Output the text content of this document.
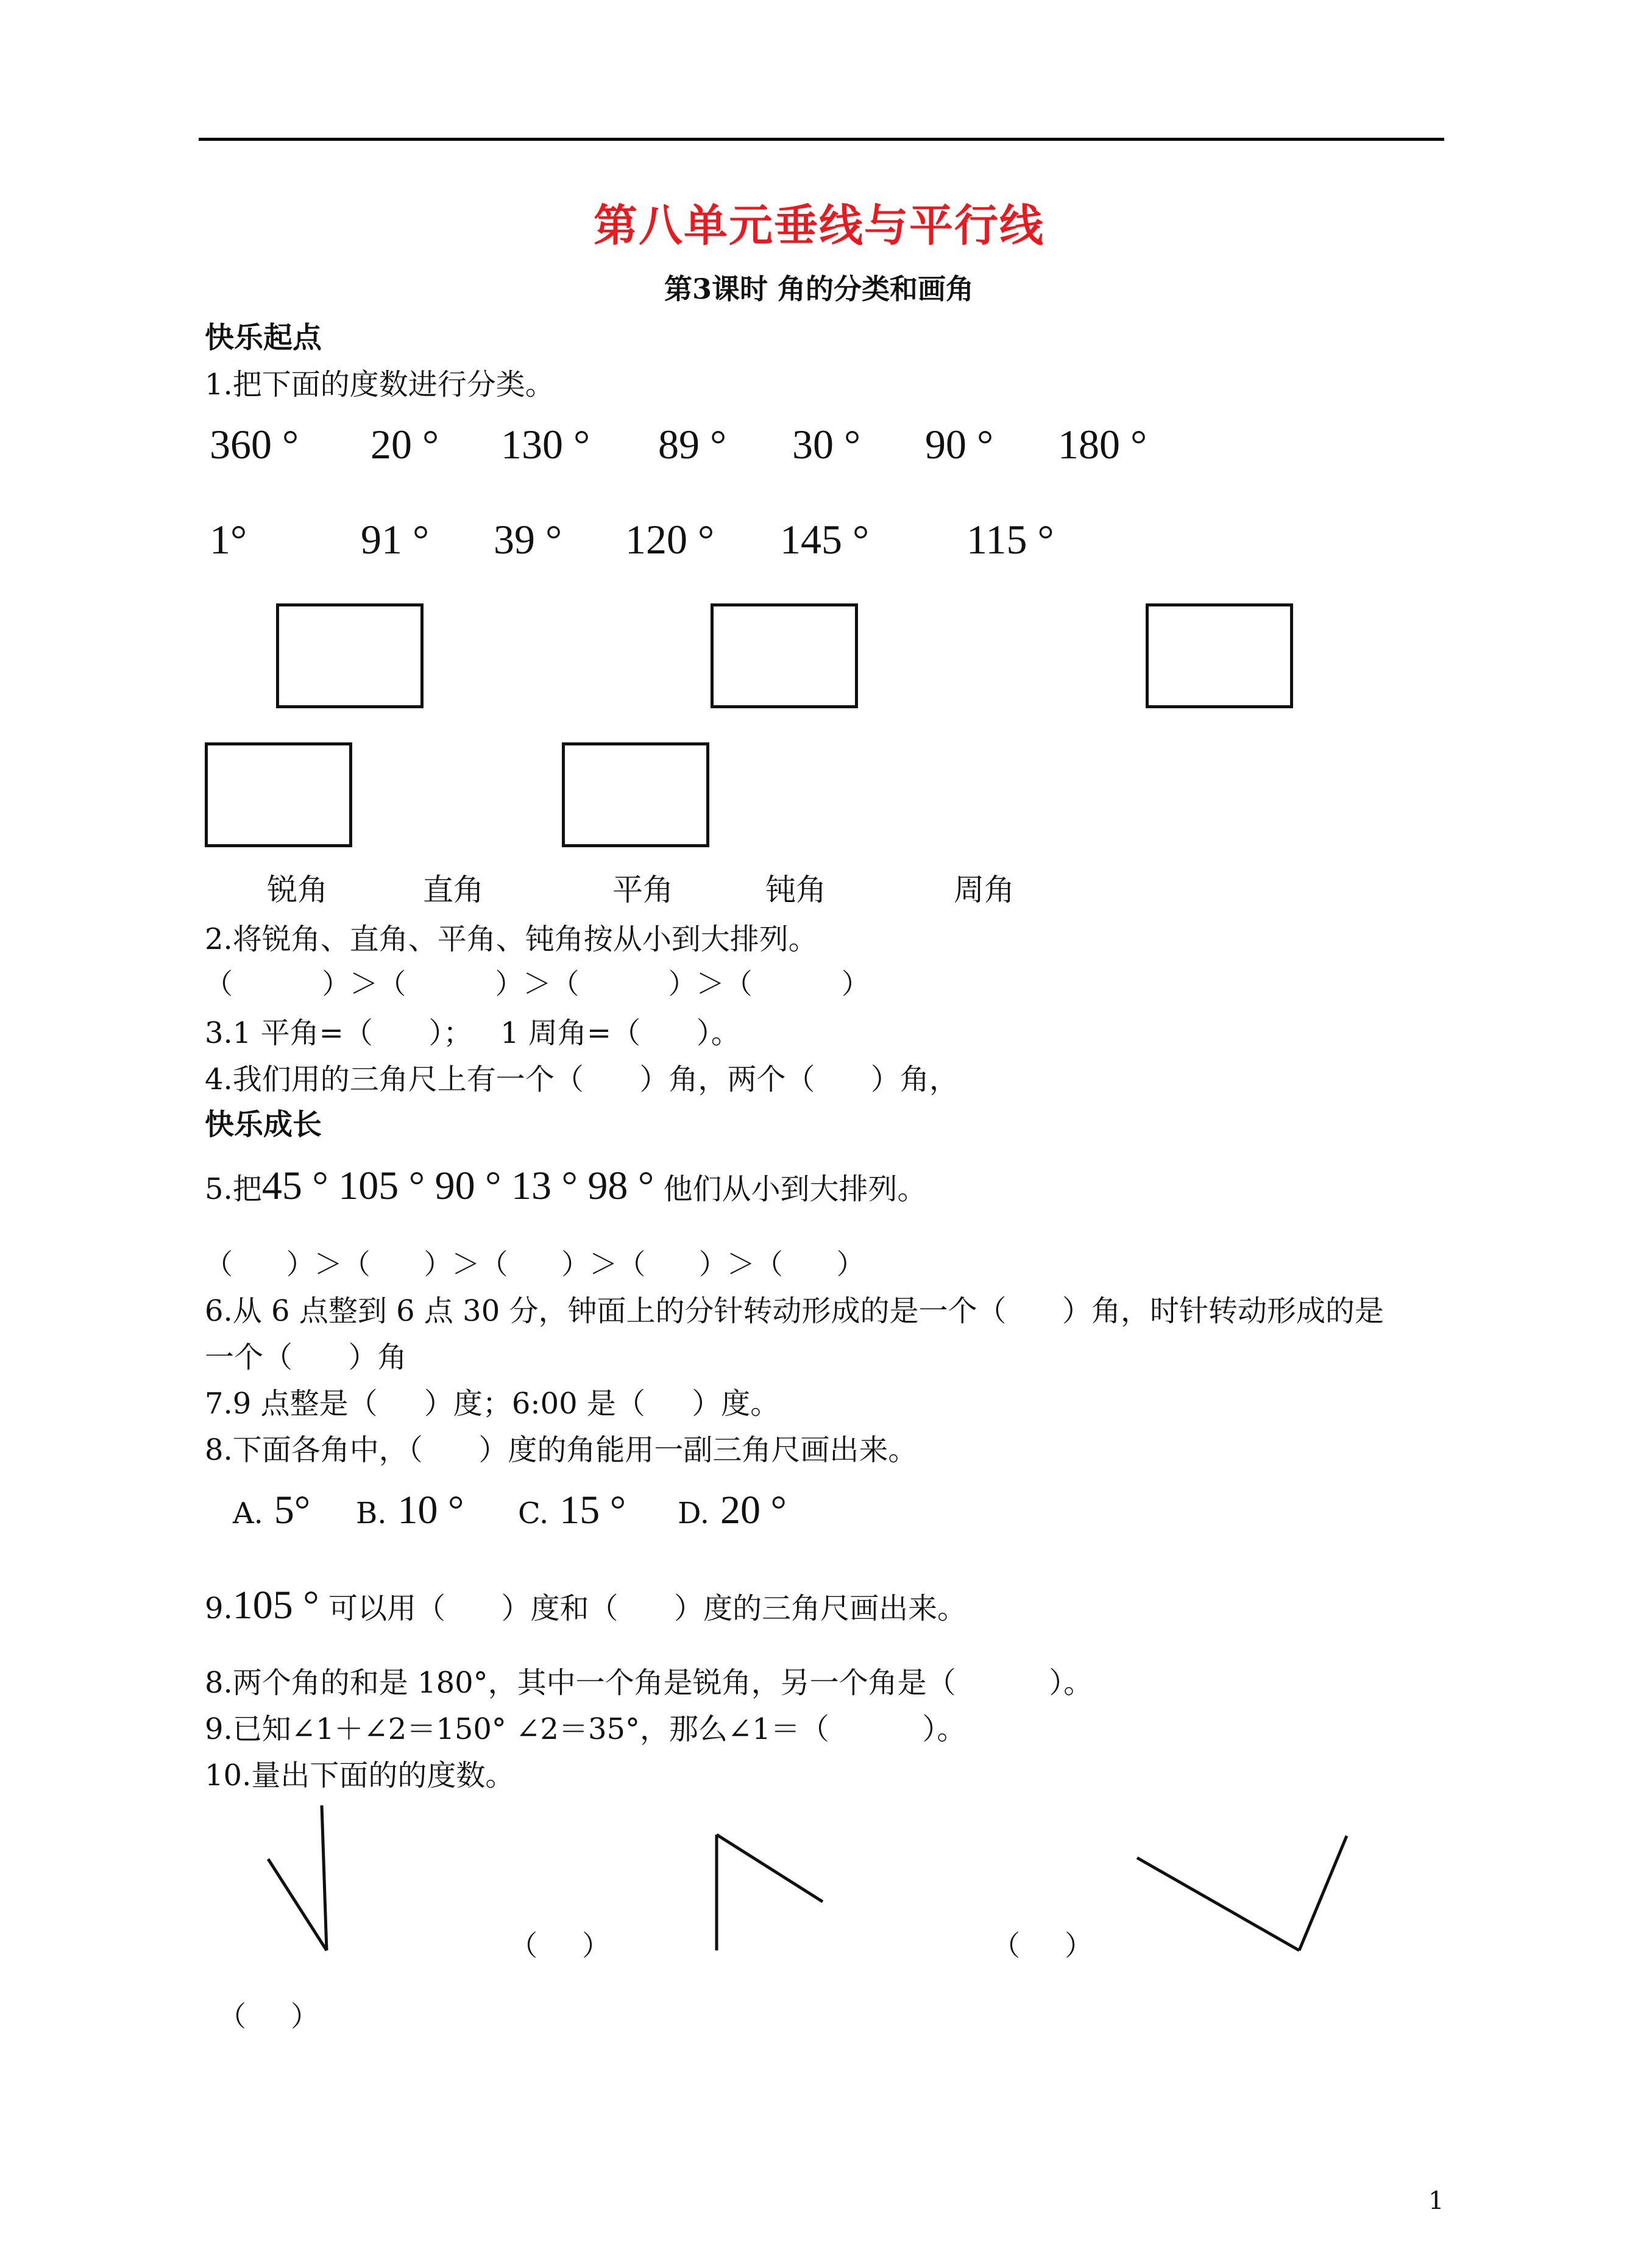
第八单元垂线与平行线
第3课时 角的分类和画角
快乐起点
1.把下面的度数进行分类。
360 ° 20 ° 130 ° 89 ° 30 ° 90 ° 180 °
1°	91 ° 39 ° 120 ° 145 ° 115 °
锐角	直角	平角	钝角	周角
2.将锐角、直角、平角、钝角按从小到大排列。
（          ）＞（          ）＞（          ）＞（          ）
3.1 平角=（      ）；   1 周角=（      ）。
4.我们用的三角尺上有一个（      ）角，两个（      ）角，
快乐成长
5.把45 ° 105 ° 90 ° 13 ° 98 ° 他们从小到大排列。
（      ）＞（      ）＞（      ）＞（      ）＞（      ）
6.从 6 点整到 6 点 30 分，钟面上的分针转动形成的是一个（      ）角，时针转动形成的是
一个（      ）角
7.9 点整是（     ）度；6:00 是（     ）度。
8.下面各角中，（      ）度的角能用一副三角尺画出来。
A. 5° B. 10 ° C. 15 ° D. 20 °
9.105 ° 可以用（      ）度和（      ）度的三角尺画出来。
8.两个角的和是 180°，其中一个角是锐角，另一个角是（          ）。
9.已知∠1＋∠2＝150° ∠2＝35°，那么∠1＝（          ）。
10.量出下面的的度数。
（     ）	（     ）
（     ）
1
